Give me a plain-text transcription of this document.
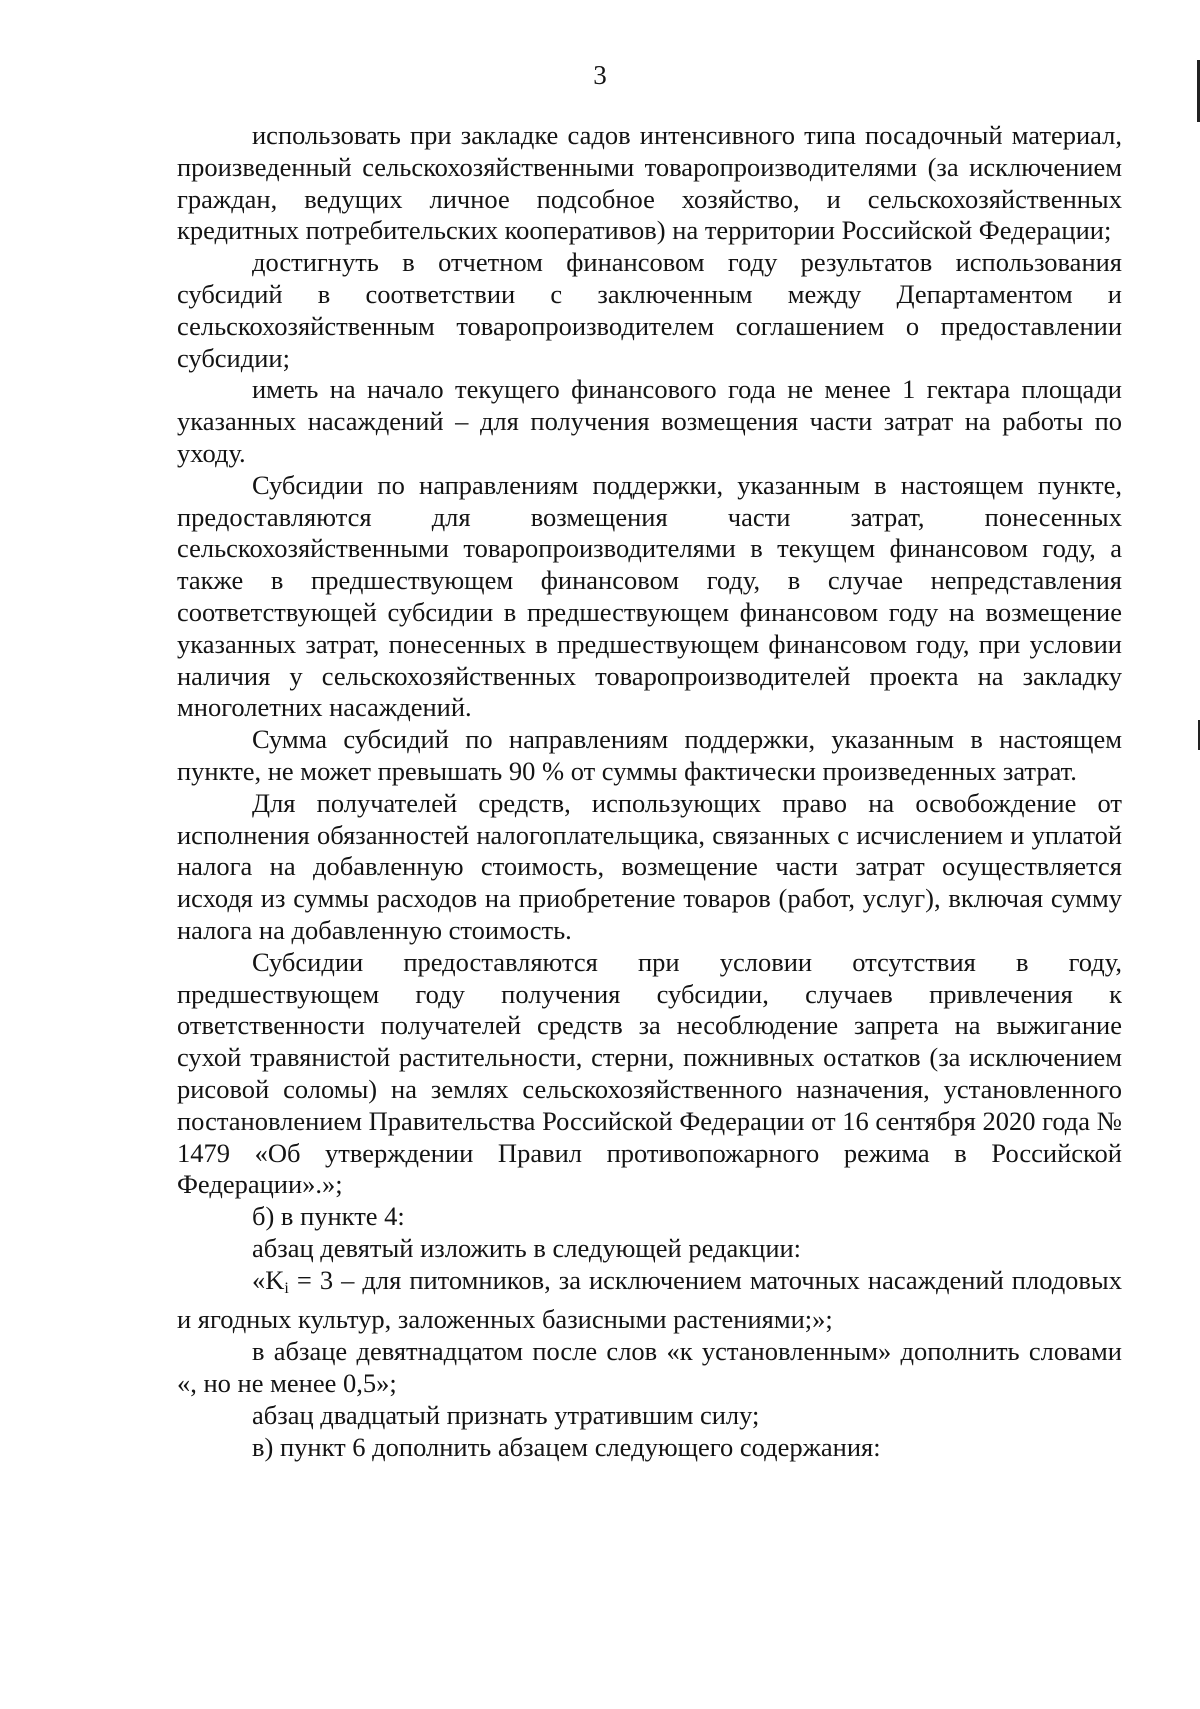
3

использовать при закладке садов интенсивного типа посадочный материал, произведенный сельскохозяйственными товаропроизводителями (за исключением граждан, ведущих личное подсобное хозяйство, и сельскохозяйственных кредитных потребительских кооперативов) на территории Российской Федерации;

достигнуть в отчетном финансовом году результатов использования субсидий в соответствии с заключенным между Департаментом и сельскохозяйственным товаропроизводителем соглашением о предоставлении субсидии;

иметь на начало текущего финансового года не менее 1 гектара площади указанных насаждений – для получения возмещения части затрат на работы по уходу.

Субсидии по направлениям поддержки, указанным в настоящем пункте, предоставляются для возмещения части затрат, понесенных сельскохозяйственными товаропроизводителями в текущем финансовом году, а также в предшествующем финансовом году, в случае непредставления соответствующей субсидии в предшествующем финансовом году на возмещение указанных затрат, понесенных в предшествующем финансовом году, при условии наличия у сельскохозяйственных товаропроизводителей проекта на закладку многолетних насаждений.

Сумма субсидий по направлениям поддержки, указанным в настоящем пункте, не может превышать 90 % от суммы фактически произведенных затрат.

Для получателей средств, использующих право на освобождение от исполнения обязанностей налогоплательщика, связанных с исчислением и уплатой налога на добавленную стоимость, возмещение части затрат осуществляется исходя из суммы расходов на приобретение товаров (работ, услуг), включая сумму налога на добавленную стоимость.

Субсидии предоставляются при условии отсутствия в году, предшествующем году получения субсидии, случаев привлечения к ответственности получателей средств за несоблюдение запрета на выжигание сухой травянистой растительности, стерни, пожнивных остатков (за исключением рисовой соломы) на землях сельскохозяйственного назначения, установленного постановлением Правительства Российской Федерации от 16 сентября 2020 года № 1479 «Об утверждении Правил противопожарного режима в Российской Федерации».»;

б) в пункте 4:

абзац девятый изложить в следующей редакции:

«$K_i = 3$ – для питомников, за исключением маточных насаждений плодовых и ягодных культур, заложенных базисными растениями;»;

в абзаце девятнадцатом после слов «к установленным» дополнить словами «, но не менее 0,5»;

абзац двадцатый признать утратившим силу;

в) пункт 6 дополнить абзацем следующего содержания:
